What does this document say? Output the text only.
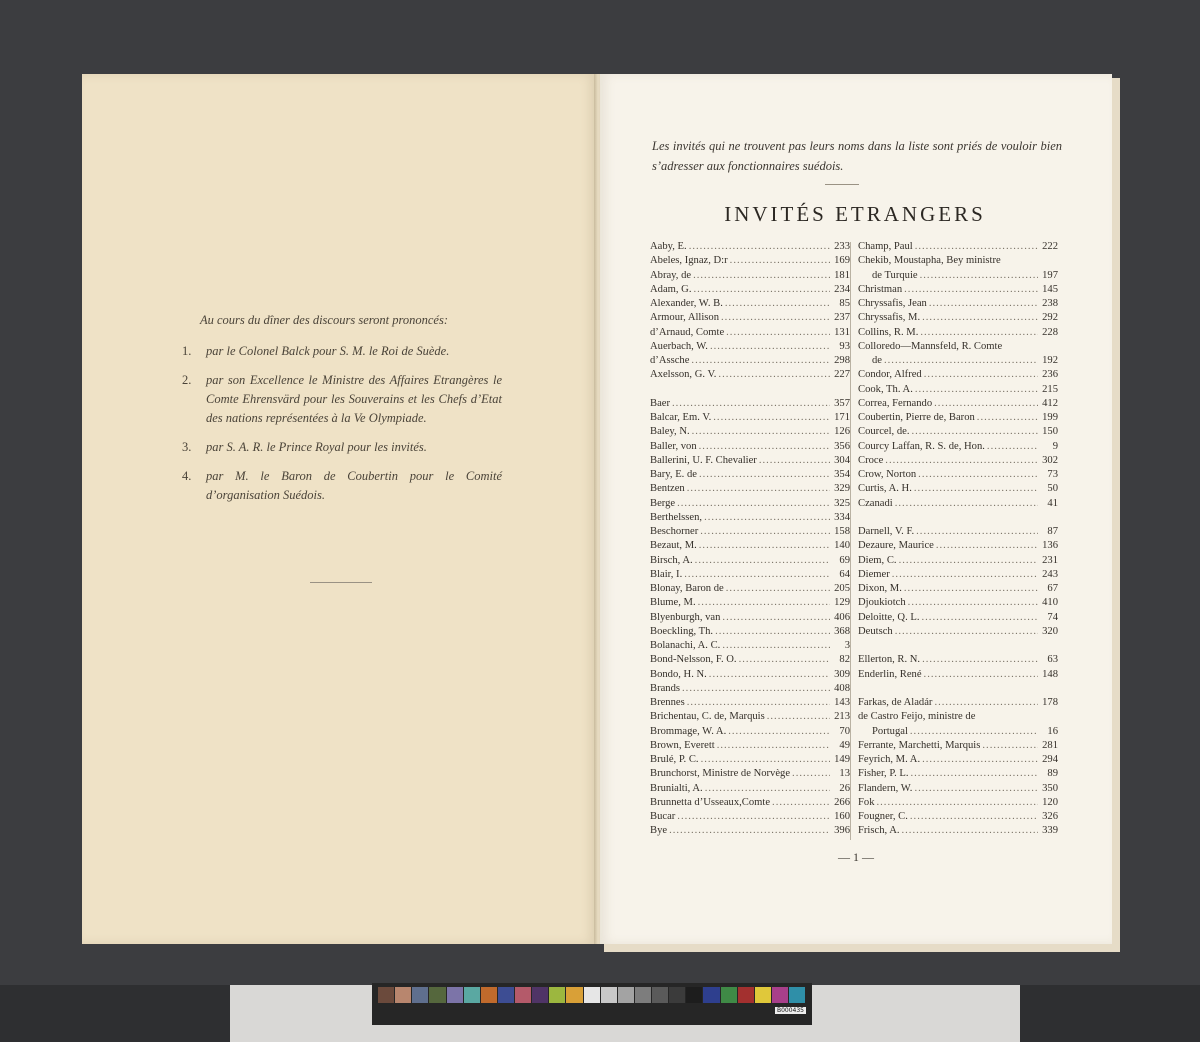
Au cours du dîner des discours seront prononcés:
1.	par le Colonel Balck pour S. M. le Roi de Suède.
2.	par son Excellence le Ministre des Affaires Etrangères le Comte Ehrensvärd pour les Souverains et les Chefs d’Etat des nations représentées à la Ve Olympiade.
3.	par S. A. R. le Prince Royal pour les invités.
4.	par M. le Baron de Coubertin pour le Comité d’organisation Suédois.
Les invités qui ne trouvent pas leurs noms dans la liste sont priés de vouloir bien s’adresser aux fonctionnaires suédois.
INVITÉS ETRANGERS
Aaby, E. .....	233
Abeles, Ignaz, D:r .....	169
Abray, de .....	181
Adam, G. .....	234
Alexander, W. B. .....	85
Armour, Allison .....	237
d’Arnaud, Comte .....	131
Auerbach, W. .....	93
d’Assche .....	298
Axelsson, G. V. .....	227
Baer .....	357
Balcar, Em. V. .....	171
Baley, N. .....	126
Baller, von .....	356
Ballerini, U. F. Chevalier .....	304
Bary, E. de .....	354
Bentzen .....	329
Berge .....	325
Berthelssen, .....	334
Beschorner .....	158
Bezaut, M. .....	140
Birsch, A. .....	69
Blair, I. .....	64
Blonay, Baron de .....	205
Blume, M. .....	129
Blyenburgh, van .....	406
Boeckling, Th. .....	368
Bolanachi, A. C. .....	3
Bond-Nelsson, F. O. .....	82
Bondo, H. N. .....	309
Brands .....	408
Brennes .....	143
Brichentau, C. de, Marquis .....	213
Brommage, W. A. .....	70
Brown, Everett .....	49
Brulé, P. C. .....	149
Brunchorst, Ministre de Norvège .....	13
Brunialti, A. .....	26
Brunnetta d’Usseaux,Comte .....	266
Bucar .....	160
Bye .....	396
Champ, Paul .....	222
Chekib, Moustapha, Bey ministre
de Turquie .....	197
Christman .....	145
Chryssafis, Jean .....	238
Chryssafis, M. .....	292
Collins, R. M. .....	228
Colloredo—Mannsfeld, R. Comte
de .....	192
Condor, Alfred .....	236
Cook, Th. A. .....	215
Correa, Fernando .....	412
Coubertin, Pierre de, Baron .....	199
Courcel, de. .....	150
Courcy Laffan, R. S. de, Hon. .....	9
Croce .....	302
Crow, Norton .....	73
Curtis, A. H. .....	50
Czanadi .....	41
Darnell, V. F. .....	87
Dezaure, Maurice .....	136
Diem, C. .....	231
Diemer .....	243
Dixon, M. .....	67
Djoukiotch .....	410
Deloitte, Q. L. .....	74
Deutsch .....	320
Ellerton, R. N. .....	63
Enderlin, René .....	148
Farkas, de Aladár .....	178
de Castro Feijo, ministre de
Portugal .....	16
Ferrante, Marchetti, Marquis .....	281
Feyrich, M. A. .....	294
Fisher, P. L. .....	89
Flandern, W. .....	350
Fok .....	120
Fougner, C. .....	326
Frisch, A. .....	339
— 1 —
B000435
